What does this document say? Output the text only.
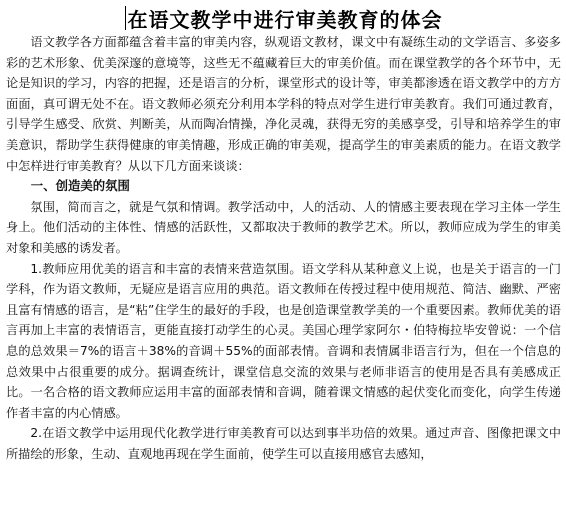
在语文教学中进行审美教育的体会

语文教学各方面都蕴含着丰富的审美内容，纵观语文教材，课文中有凝练生动的文学语言、多姿多彩的艺术形象、优美深邃的意境等，这些无不蕴藏着巨大的审美价值。而在课堂教学的各个环节中，无论是知识的学习，内容的把握，还是语言的分析，课堂形式的设计等，审美都渗透在语文教学中的方方面面，真可谓无处不在。语文教师必须充分利用本学科的特点对学生进行审美教育。我们可通过教育，引导学生感受、欣赏、判断美，从而陶冶情操，净化灵魂，获得无穷的美感享受，引导和培养学生的审美意识，帮助学生获得健康的审美情趣，形成正确的审美观，提高学生的审美素质的能力。在语文教学中怎样进行审美教育？从以下几方面来谈谈：

一、创造美的氛围

氛围，简而言之，就是气氛和情调。教学活动中，人的活动、人的情感主要表现在学习主体一学生身上。他们活动的主体性、情感的活跃性，又都取决于教师的教学艺术。所以，教师应成为学生的审美对象和美感的诱发者。

1.教师应用优美的语言和丰富的表情来营造氛围。语文学科从某种意义上说，也是关于语言的一门学科，作为语文教师，无疑应是语言应用的典范。语文教师在传授过程中使用规范、简洁、幽默、严密且富有情感的语言，是“粘”住学生的最好的手段，也是创造课堂教学美的一个重要因素。教师优美的语言再加上丰富的表情语言，更能直接打动学生的心灵。美国心理学家阿尔・伯特梅拉毕安曾说：一个信息的总效果＝7%的语言＋38%的音调＋55%的面部表情。音调和表情属非语言行为，但在一个信息的总效果中占很重要的成分。据调查统计，课堂信息交流的效果与老师非语言的使用是否具有美感成正比。一名合格的语文教师应运用丰富的面部表情和音调，随着课文情感的起伏变化而变化，向学生传递作者丰富的内心情感。

2.在语文教学中运用现代化教学进行审美教育可以达到事半功倍的效果。通过声音、图像把课文中所描绘的形象，生动、直观地再现在学生面前，使学生可以直接用感官去感知，
